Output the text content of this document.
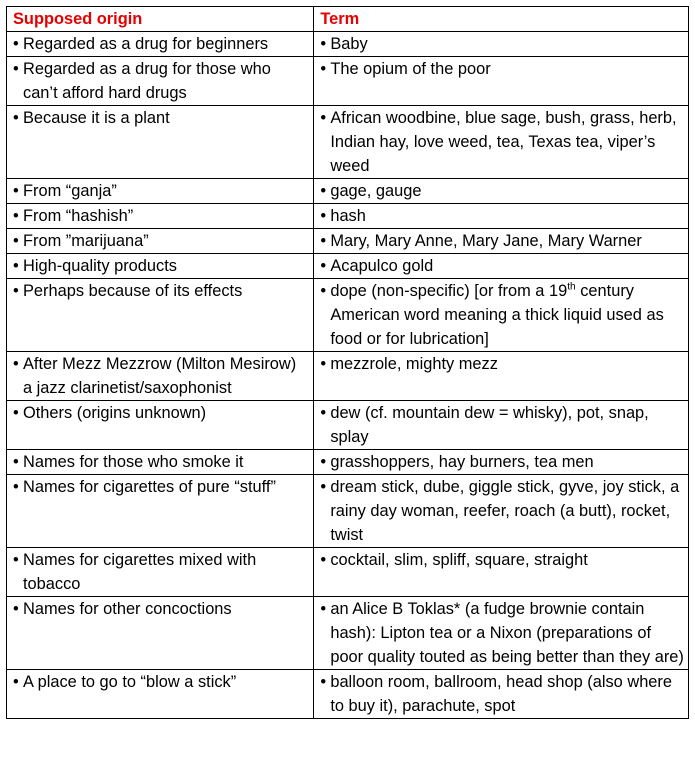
Supposed origin	Term

• Regarded as a drug for beginners	• Baby

• Regarded as a drug for those who can’t afford hard drugs	• The opium of the poor

• Because it is a plant	• African woodbine, blue sage, bush, grass, herb, Indian hay, love weed, tea, Texas tea, viper’s weed

• From “ganja”	• gage, gauge

• From “hashish”	• hash

• From ”marijuana”	• Mary, Mary Anne, Mary Jane, Mary Warner

• High-quality products	• Acapulco gold

• Perhaps because of its effects	• dope (non-specific) [or from a 19th century American word meaning a thick liquid used as food or for lubrication]

• After Mezz Mezzrow (Milton Mesirow) a jazz clarinetist/saxophonist	• mezzrole, mighty mezz

• Others (origins unknown)	• dew (cf. mountain dew = whisky), pot, snap, splay

• Names for those who smoke it	• grasshoppers, hay burners, tea men

• Names for cigarettes of pure “stuff”	• dream stick, dube, giggle stick, gyve, joy stick, a rainy day woman, reefer, roach (a butt), rocket, twist

• Names for cigarettes mixed with tobacco	• cocktail, slim, spliff, square, straight

• Names for other concoctions	• an Alice B Toklas* (a fudge brownie contain hash): Lipton tea or a Nixon (preparations of poor quality touted as being better than they are)

• A place to go to “blow a stick”	• balloon room, ballroom, head shop (also where to buy it), parachute, spot
